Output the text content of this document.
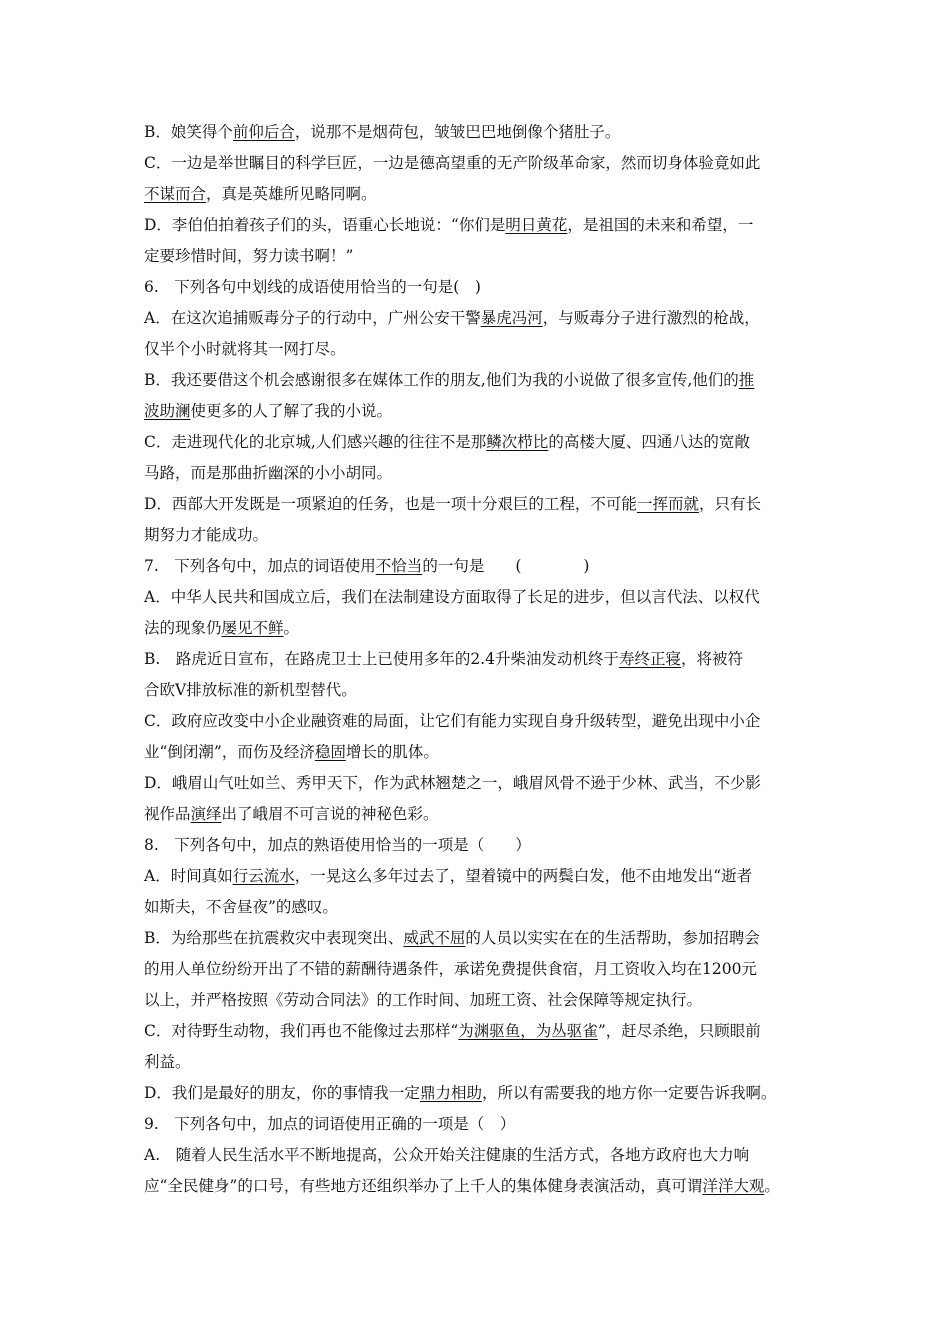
B．娘笑得个前仰后合，说那不是烟荷包，皱皱巴巴地倒像个猪肚子。
C．一边是举世瞩目的科学巨匠，一边是德高望重的无产阶级革命家，然而切身体验竟如此
不谋而合，真是英雄所见略同啊。
D．李伯伯拍着孩子们的头，语重心长地说：“你们是明日黄花，是祖国的未来和希望，一
定要珍惜时间，努力读书啊！”
6.　下列各句中划线的成语使用恰当的一句是(　)
A．在这次追捕贩毒分子的行动中，广州公安干警暴虎冯河，与贩毒分子进行激烈的枪战，
仅半个小时就将其一网打尽。
B．我还要借这个机会感谢很多在媒体工作的朋友,他们为我的小说做了很多宣传,他们的推
波助澜使更多的人了解了我的小说。
C．走进现代化的北京城,人们感兴趣的往往不是那鳞次栉比的高楼大厦、四通八达的宽敞
马路，而是那曲折幽深的小小胡同。
D．西部大开发既是一项紧迫的任务，也是一项十分艰巨的工程，不可能一挥而就，只有长
期努力才能成功。
7.　下列各句中，加点的词语使用不恰当的一句是　　(　　　　)
A．中华人民共和国成立后，我们在法制建设方面取得了长足的进步，但以言代法、以权代
法的现象仍屡见不鲜。
B.　路虎近日宣布，在路虎卫士上已使用多年的2.4升柴油发动机终于寿终正寝，将被符
合欧Ⅴ排放标准的新机型替代。
C．政府应改变中小企业融资难的局面，让它们有能力实现自身升级转型，避免出现中小企
业“倒闭潮”，而伤及经济稳固增长的肌体。
D．峨眉山气吐如兰、秀甲天下，作为武林翘楚之一，峨眉风骨不逊于少林、武当，不少影
视作品演绎出了峨眉不可言说的神秘色彩。
8.　下列各句中，加点的熟语使用恰当的一项是（　　）
A．时间真如行云流水，一晃这么多年过去了，望着镜中的两鬓白发，他不由地发出“逝者
如斯夫，不舍昼夜”的感叹。
B．为给那些在抗震救灾中表现突出、威武不屈的人员以实实在在的生活帮助，参加招聘会
的用人单位纷纷开出了不错的薪酬待遇条件，承诺免费提供食宿，月工资收入均在1200元
以上，并严格按照《劳动合同法》的工作时间、加班工资、社会保障等规定执行。
C．对待野生动物，我们再也不能像过去那样“为渊驱鱼，为丛驱雀”，赶尽杀绝，只顾眼前
利益。
D．我们是最好的朋友，你的事情我一定鼎力相助，所以有需要我的地方你一定要告诉我啊。
9.　下列各句中，加点的词语使用正确的一项是（　）
A.　随着人民生活水平不断地提高，公众开始关注健康的生活方式，各地方政府也大力响
应“全民健身”的口号，有些地方还组织举办了上千人的集体健身表演活动，真可谓洋洋大观。
